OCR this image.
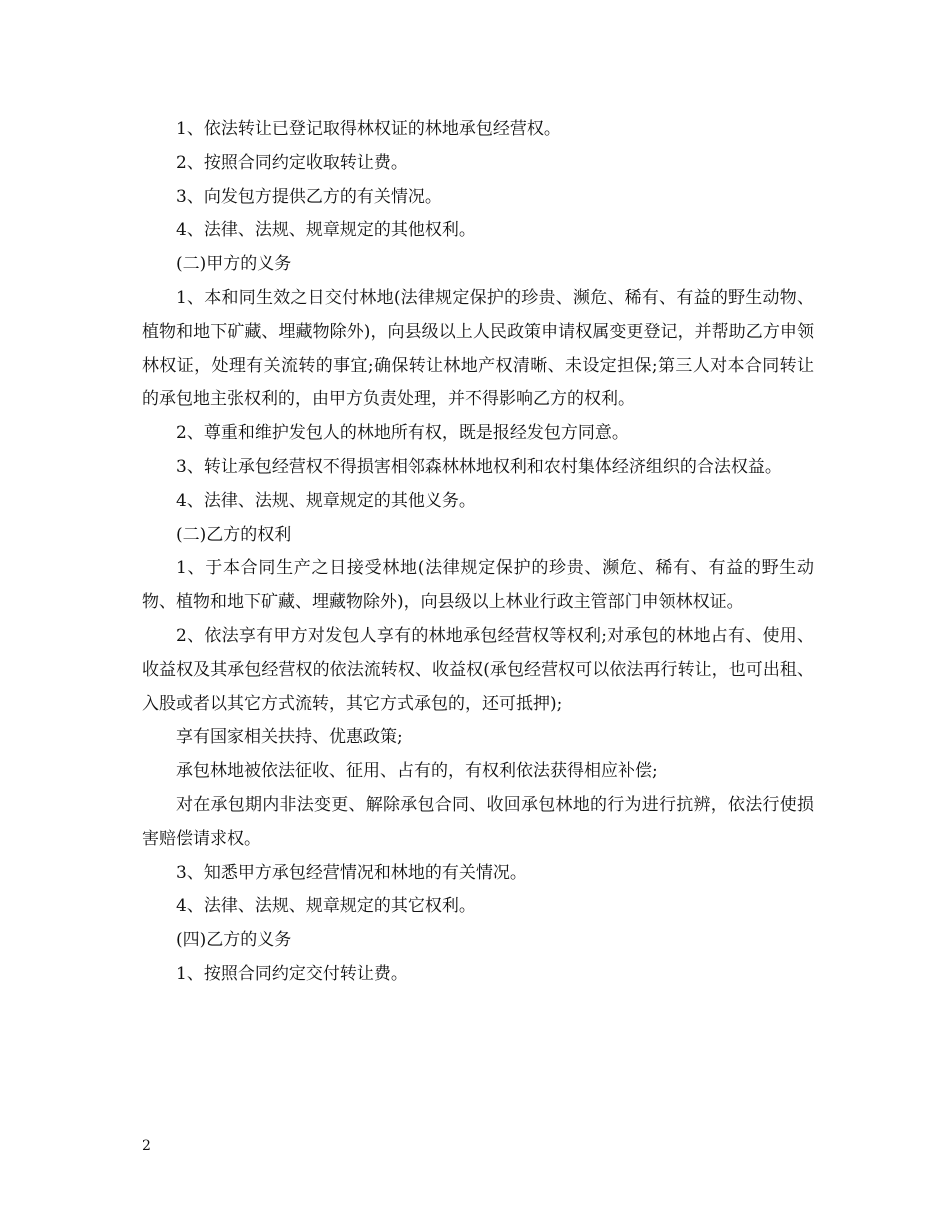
1、依法转让已登记取得林权证的林地承包经营权。

2、按照合同约定收取转让费。

3、向发包方提供乙方的有关情况。

4、法律、法规、规章规定的其他权利。

(二)甲方的义务

1、本和同生效之日交付林地(法律规定保护的珍贵、濒危、稀有、有益的野生动物、植物和地下矿藏、埋藏物除外)，向县级以上人民政策申请权属变更登记，并帮助乙方申领林权证，处理有关流转的事宜;确保转让林地产权清晰、未设定担保;第三人对本合同转让的承包地主张权利的，由甲方负责处理，并不得影响乙方的权利。

2、尊重和维护发包人的林地所有权，既是报经发包方同意。

3、转让承包经营权不得损害相邻森林林地权利和农村集体经济组织的合法权益。

4、法律、法规、规章规定的其他义务。

(二)乙方的权利

1、于本合同生产之日接受林地(法律规定保护的珍贵、濒危、稀有、有益的野生动物、植物和地下矿藏、埋藏物除外)，向县级以上林业行政主管部门申领林权证。

2、依法享有甲方对发包人享有的林地承包经营权等权利;对承包的林地占有、使用、收益权及其承包经营权的依法流转权、收益权(承包经营权可以依法再行转让，也可出租、入股或者以其它方式流转，其它方式承包的，还可抵押);

享有国家相关扶持、优惠政策;

承包林地被依法征收、征用、占有的，有权利依法获得相应补偿;

对在承包期内非法变更、解除承包合同、收回承包林地的行为进行抗辨，依法行使损害赔偿请求权。

3、知悉甲方承包经营情况和林地的有关情况。

4、法律、法规、规章规定的其它权利。

(四)乙方的义务

1、按照合同约定交付转让费。

2
